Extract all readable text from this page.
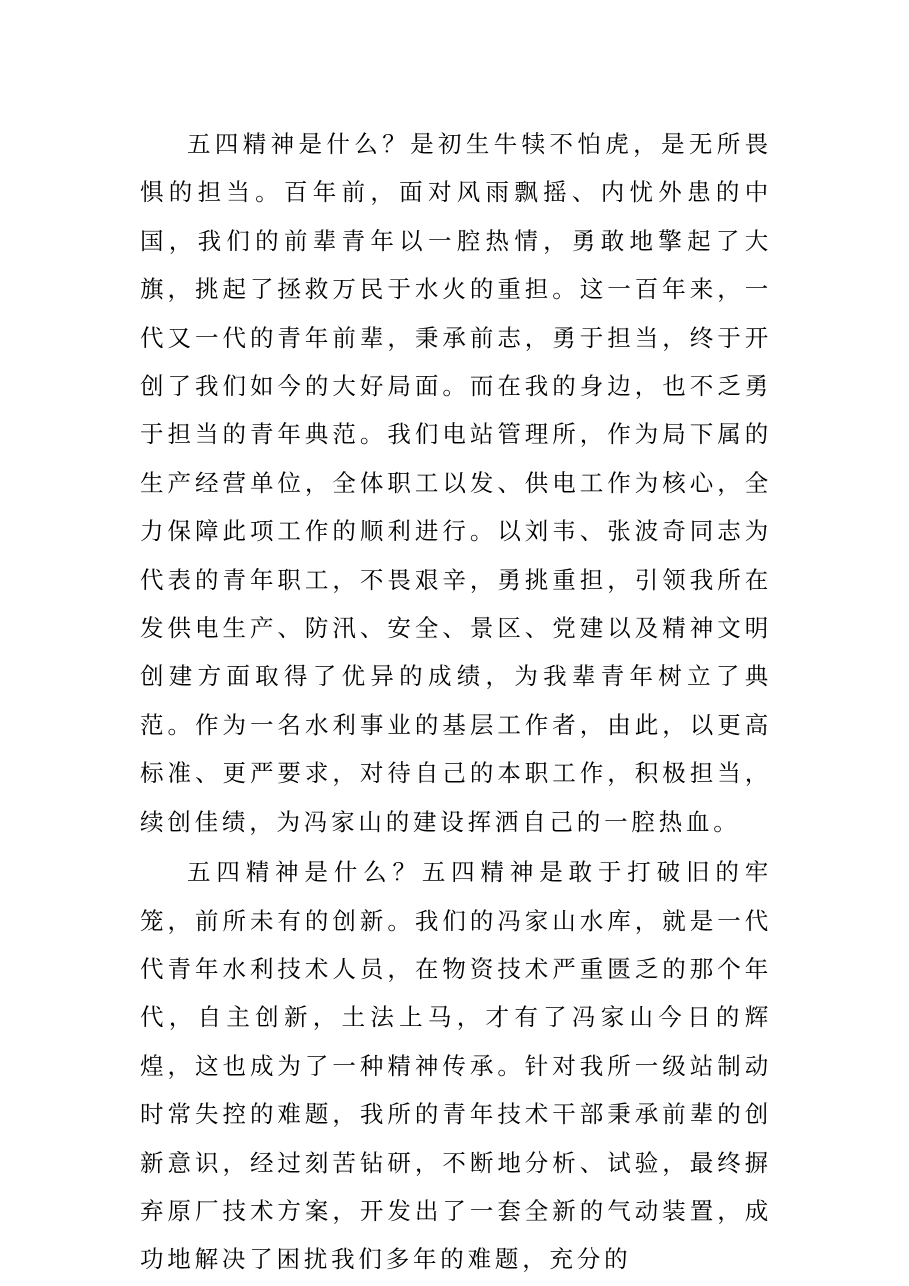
五四精神是什么？是初生牛犊不怕虎，是无所畏惧的担当。百年前，面对风雨飘摇、内忧外患的中国，我们的前辈青年以一腔热情，勇敢地擎起了大旗，挑起了拯救万民于水火的重担。这一百年来，一代又一代的青年前辈，秉承前志，勇于担当，终于开创了我们如今的大好局面。而在我的身边，也不乏勇于担当的青年典范。我们电站管理所，作为局下属的生产经营单位，全体职工以发、供电工作为核心，全力保障此项工作的顺利进行。以刘韦、张波奇同志为代表的青年职工，不畏艰辛，勇挑重担，引领我所在发供电生产、防汛、安全、景区、党建以及精神文明创建方面取得了优异的成绩，为我辈青年树立了典范。作为一名水利事业的基层工作者，由此，以更高标准、更严要求，对待自己的本职工作，积极担当，续创佳绩，为冯家山的建设挥洒自己的一腔热血。

五四精神是什么？五四精神是敢于打破旧的牢笼，前所未有的创新。我们的冯家山水库，就是一代代青年水利技术人员，在物资技术严重匮乏的那个年代，自主创新，土法上马，才有了冯家山今日的辉煌，这也成为了一种精神传承。针对我所一级站制动时常失控的难题，我所的青年技术干部秉承前辈的创新意识，经过刻苦钻研，不断地分析、试验，最终摒弃原厂技术方案，开发出了一套全新的气动装置，成功地解决了困扰我们多年的难题，充分的
